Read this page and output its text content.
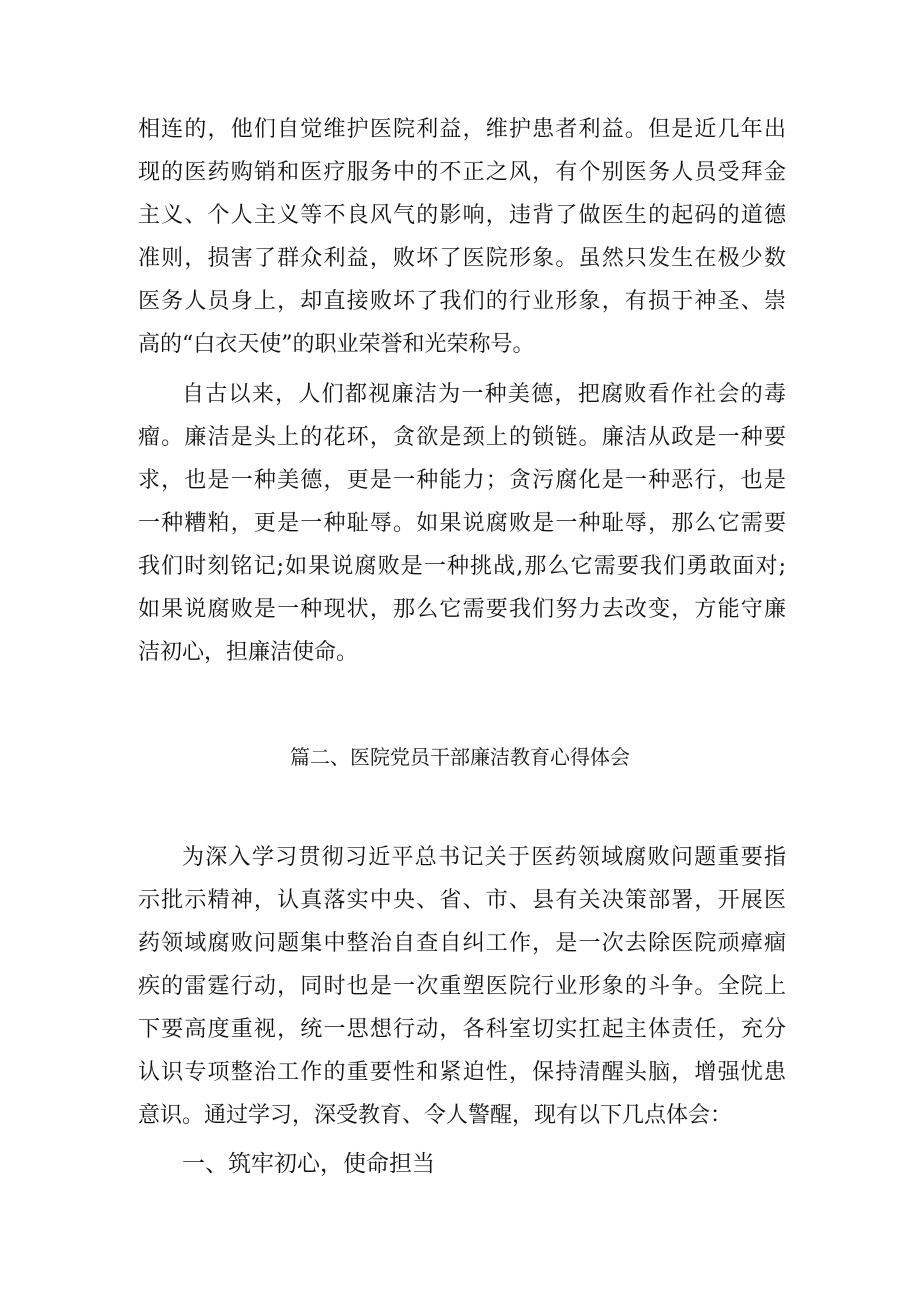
相连的，他们自觉维护医院利益，维护患者利益。但是近几年出
现的医药购销和医疗服务中的不正之风，有个别医务人员受拜金
主义、个人主义等不良风气的影响，违背了做医生的起码的道德
准则，损害了群众利益，败坏了医院形象。虽然只发生在极少数
医务人员身上，却直接败坏了我们的行业形象，有损于神圣、崇
高的“白衣天使”的职业荣誉和光荣称号。
自古以来，人们都视廉洁为一种美德，把腐败看作社会的毒
瘤。廉洁是头上的花环，贪欲是颈上的锁链。廉洁从政是一种要
求，也是一种美德，更是一种能力；贪污腐化是一种恶行，也是
一种糟粕，更是一种耻辱。如果说腐败是一种耻辱，那么它需要
我们时刻铭记;如果说腐败是一种挑战,那么它需要我们勇敢面对;
如果说腐败是一种现状，那么它需要我们努力去改变，方能守廉
洁初心，担廉洁使命。
篇二、医院党员干部廉洁教育心得体会
为深入学习贯彻习近平总书记关于医药领域腐败问题重要指
示批示精神，认真落实中央、省、市、县有关决策部署，开展医
药领域腐败问题集中整治自查自纠工作，是一次去除医院顽瘴痼
疾的雷霆行动，同时也是一次重塑医院行业形象的斗争。全院上
下要高度重视，统一思想行动，各科室切实扛起主体责任，充分
认识专项整治工作的重要性和紧迫性，保持清醒头脑，增强忧患
意识。通过学习，深受教育、令人警醒，现有以下几点体会：
一、筑牢初心，使命担当
